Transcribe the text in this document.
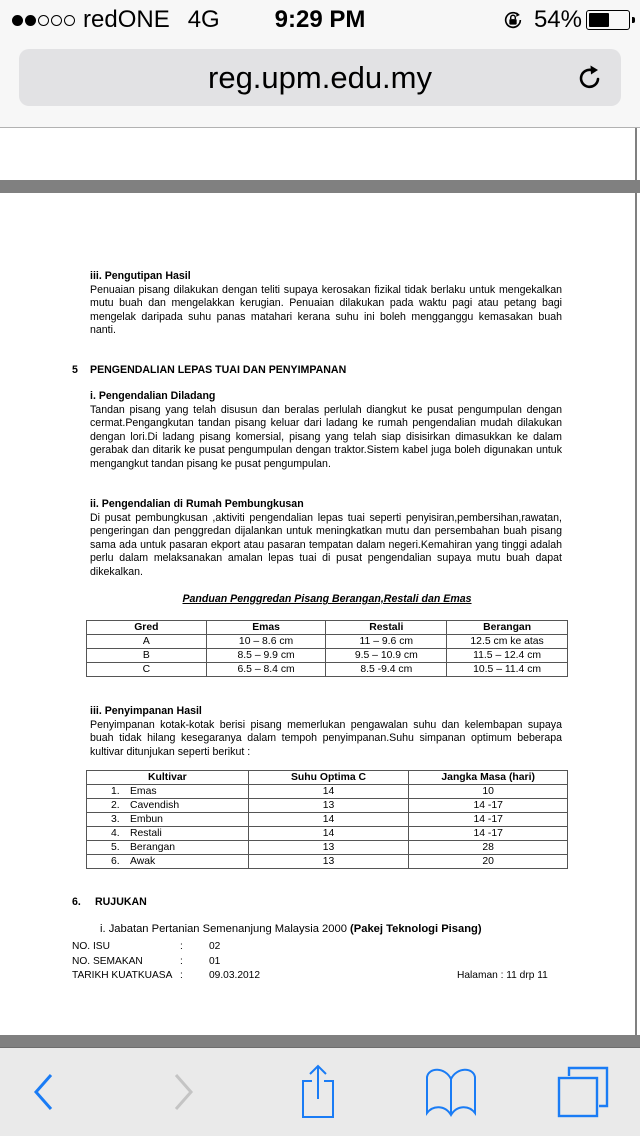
redONE 4G	9:29 PM	54%
reg.upm.edu.my
iii. Pengutipan Hasil
Penuaian pisang dilakukan dengan teliti supaya kerosakan fizikal tidak berlaku untuk mengekalkan mutu buah dan mengelakkan kerugian. Penuaian dilakukan pada waktu pagi atau petang bagi mengelak daripada suhu panas matahari kerana suhu ini boleh mengganggu kemasakan buah nanti.
5 PENGENDALIAN LEPAS TUAI DAN PENYIMPANAN
i. Pengendalian Diladang
Tandan pisang yang telah disusun dan beralas perlulah diangkut ke pusat pengumpulan dengan cermat.Pengangkutan tandan pisang keluar dari ladang ke rumah pengendalian mudah dilakukan dengan lori.Di ladang pisang komersial, pisang yang telah siap disisirkan dimasukkan ke dalam gerabak dan ditarik ke pusat pengumpulan dengan traktor.Sistem kabel juga boleh digunakan untuk mengangkut tandan pisang ke pusat pengumpulan.
ii. Pengendalian di Rumah Pembungkusan
Di pusat pembungkusan ,aktiviti pengendalian lepas tuai seperti penyisiran,pembersihan,rawatan, pengeringan dan penggredan dijalankan untuk meningkatkan mutu dan persembahan buah pisang sama ada untuk pasaran ekport atau pasaran tempatan dalam negeri.Kemahiran yang tinggi adalah perlu dalam melaksanakan amalan lepas tuai di pusat pengendalian supaya mutu buah dapat dikekalkan.
Panduan Penggredan Pisang Berangan,Restali dan Emas
Gred	Emas	Restali	Berangan
A	10 – 8.6 cm	11 – 9.6 cm	12.5 cm ke atas
B	8.5 – 9.9 cm	9.5 – 10.9 cm	11.5 – 12.4 cm
C	6.5 – 8.4 cm	8.5 -9.4 cm	10.5 – 11.4 cm
iii. Penyimpanan Hasil
Penyimpanan kotak-kotak berisi pisang memerlukan pengawalan suhu dan kelembapan supaya buah tidak hilang kesegaranya dalam tempoh penyimpanan.Suhu simpanan optimum beberapa kultivar ditunjukan seperti berikut :
Kultivar	Suhu Optima C	Jangka Masa (hari)
1. Emas	14	10
2. Cavendish	13	14 -17
3. Embun	14	14 -17
4. Restali	14	14 -17
5. Berangan	13	28
6. Awak	13	20
6. RUJUKAN
i. Jabatan Pertanian Semenanjung Malaysia 2000 (Pakej Teknologi Pisang)
NO. ISU	:	02
NO. SEMAKAN	:	01
TARIKH KUATKUASA :	09.03.2012	Halaman : 11 drp 11
